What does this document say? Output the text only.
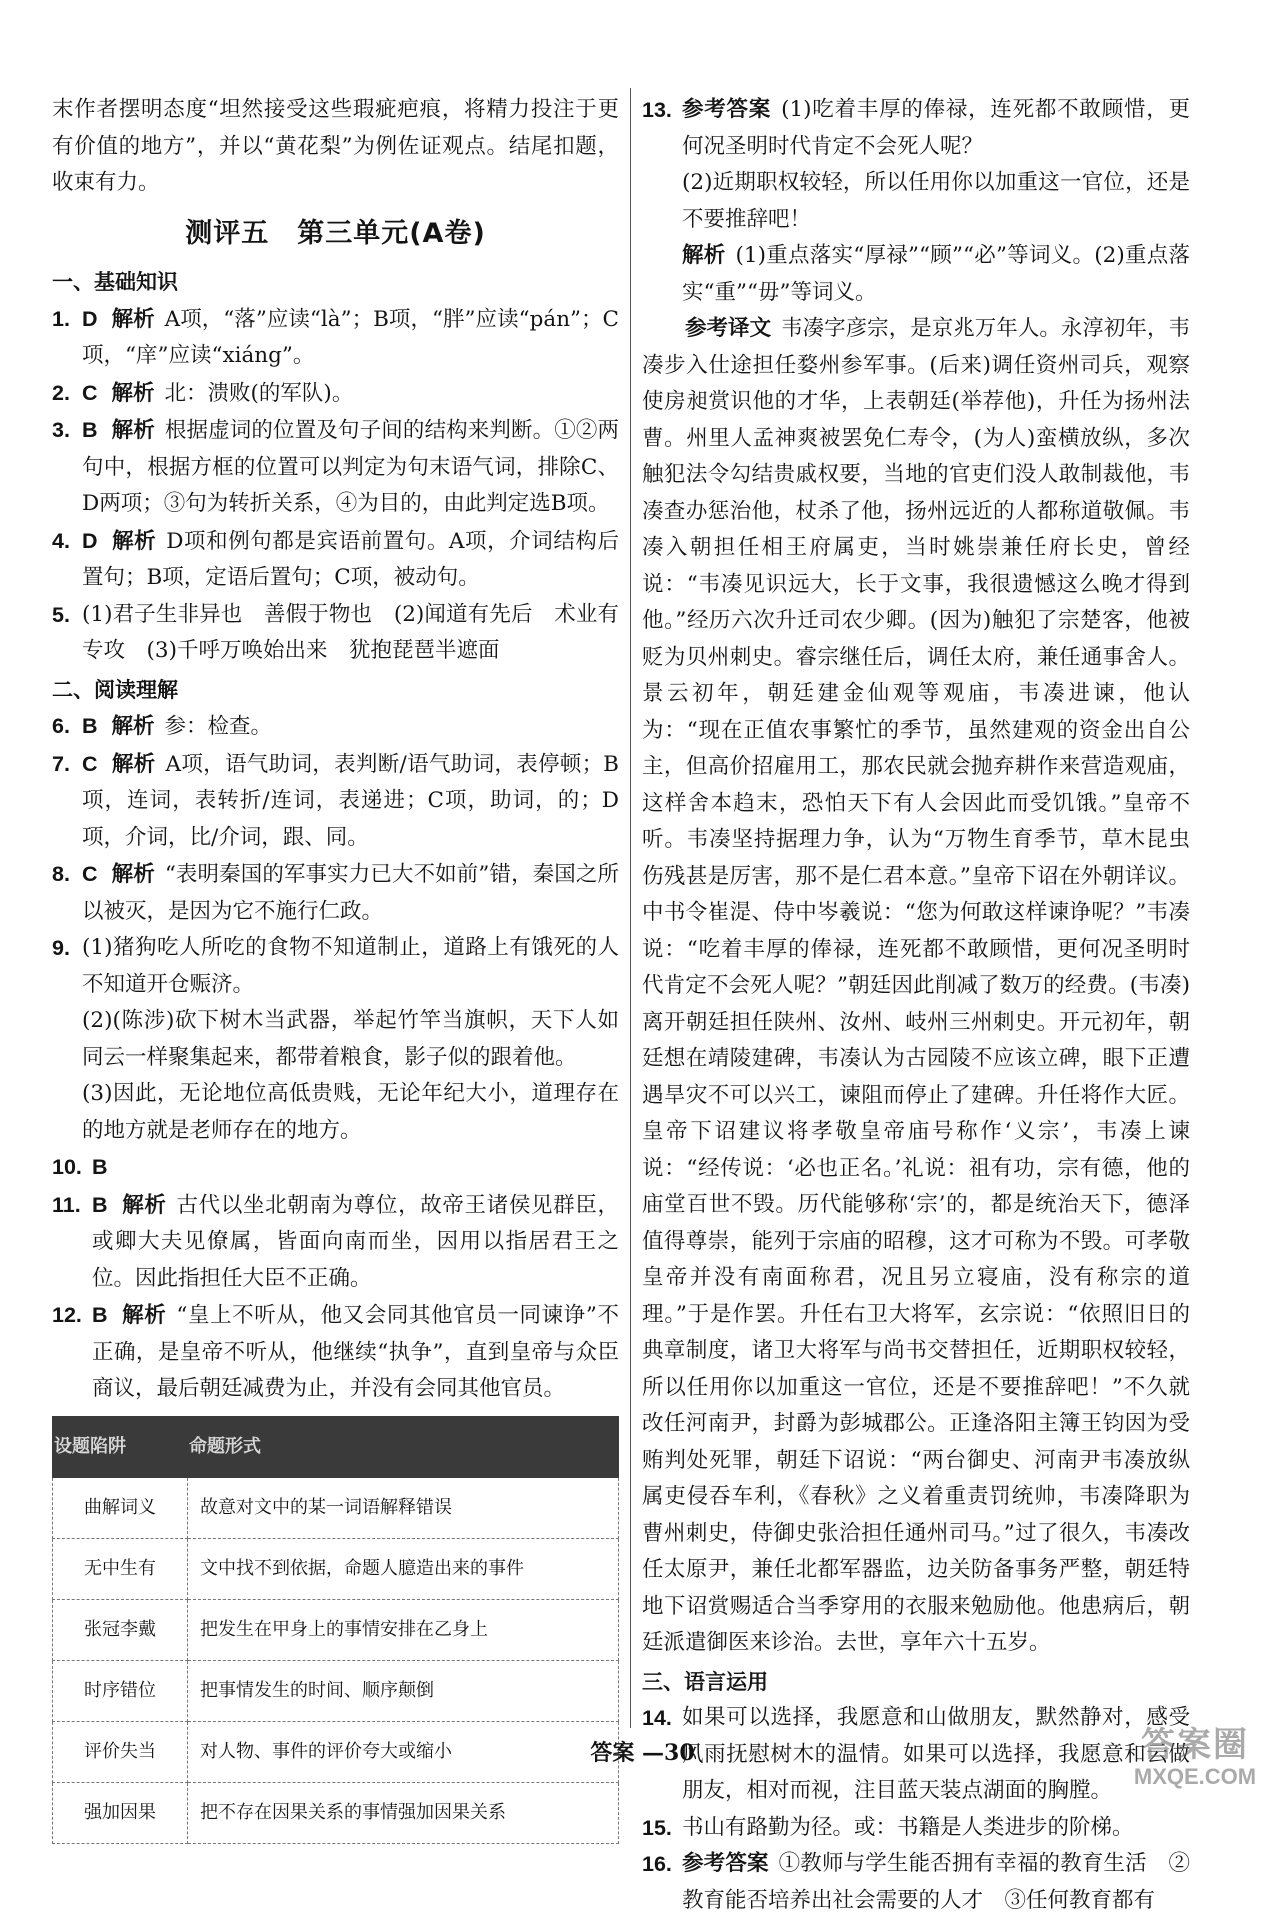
末作者摆明态度“坦然接受这些瑕疵疤痕，将精力投注于更有价值的地方”，并以“黄花梨”为例佐证观点。结尾扣题，收束有力。

测评五　第三单元(A卷)
一、基础知识
1. D 解析 A项，“落”应读“là”；B项，“胖”应读“pán”；C项，“庠”应读“xiáng”。
2. C 解析 北：溃败(的军队)。
3. B 解析 根据虚词的位置及句子间的结构来判断。①②两句中，根据方框的位置可以判定为句末语气词，排除C、D两项；③句为转折关系，④为目的，由此判定选B项。
4. D 解析 D项和例句都是宾语前置句。A项，介词结构后置句；B项，定语后置句；C项，被动句。
5. (1)君子生非异也　善假于物也　(2)闻道有先后　术业有专攻　(3)千呼万唤始出来　犹抱琵琶半遮面
二、阅读理解
6. B 解析 参：检查。
7. C 解析 A项，语气助词，表判断/语气助词，表停顿；B项，连词，表转折/连词，表递进；C项，助词，的；D项，介词，比/介词，跟、同。
8. C 解析 “表明秦国的军事实力已大不如前”错，秦国之所以被灭，是因为它不施行仁政。
9. (1)猪狗吃人所吃的食物不知道制止，道路上有饿死的人不知道开仓赈济。

(2)(陈涉)砍下树木当武器，举起竹竿当旗帜，天下人如同云一样聚集起来，都带着粮食，影子似的跟着他。

(3)因此，无论地位高低贵贱，无论年纪大小，道理存在的地方就是老师存在的地方。

10. B
11. B 解析 古代以坐北朝南为尊位，故帝王诸侯见群臣，或卿大夫见僚属，皆面向南而坐，因用以指居君王之位。因此指担任大臣不正确。
12. B 解析 “皇上不听从，他又会同其他官员一同谏诤”不正确，是皇帝不听从，他继续“执争”，直到皇帝与众臣商议，最后朝廷减费为止，并没有会同其他官员。
设题陷阱	命题形式
曲解词义	故意对文中的某一词语解释错误
无中生有	文中找不到依据，命题人臆造出来的事件
张冠李戴	把发生在甲身上的事情安排在乙身上
时序错位	把事情发生的时间、顺序颠倒
评价失当	对人物、事件的评价夸大或缩小
强加因果	把不存在因果关系的事情强加因果关系
13. 参考答案 (1)吃着丰厚的俸禄，连死都不敢顾惜，更何况圣明时代肯定不会死人呢？

(2)近期职权较轻，所以任用你以加重这一官位，还是不要推辞吧！

解析 (1)重点落实“厚禄”“顾”“必”等词义。(2)重点落实“重”“毋”等词义。

参考译文 韦凑字彦宗，是京兆万年人。永淳初年，韦凑步入仕途担任婺州参军事。(后来)调任资州司兵，观察使房昶赏识他的才华，上表朝廷(举荐他)，升任为扬州法曹。州里人孟神爽被罢免仁寿令，(为人)蛮横放纵，多次触犯法令勾结贵戚权要，当地的官吏们没人敢制裁他，韦凑查办惩治他，杖杀了他，扬州远近的人都称道敬佩。韦凑入朝担任相王府属吏，当时姚崇兼任府长史，曾经说：“韦凑见识远大，长于文事，我很遗憾这么晚才得到他。”经历六次升迁司农少卿。(因为)触犯了宗楚客，他被贬为贝州刺史。睿宗继任后，调任太府，兼任通事舍人。景云初年，朝廷建金仙观等观庙，韦凑进谏，他认为：“现在正值农事繁忙的季节，虽然建观的资金出自公主，但高价招雇用工，那农民就会抛弃耕作来营造观庙，这样舍本趋末，恐怕天下有人会因此而受饥饿。”皇帝不听。韦凑坚持据理力争，认为“万物生育季节，草木昆虫伤残甚是厉害，那不是仁君本意。”皇帝下诏在外朝详议。中书令崔湜、侍中岑羲说：“您为何敢这样谏诤呢？”韦凑说：“吃着丰厚的俸禄，连死都不敢顾惜，更何况圣明时代肯定不会死人呢？”朝廷因此削减了数万的经费。(韦凑)离开朝廷担任陕州、汝州、岐州三州刺史。开元初年，朝廷想在靖陵建碑，韦凑认为古园陵不应该立碑，眼下正遭遇旱灾不可以兴工，谏阻而停止了建碑。升任将作大匠。皇帝下诏建议将孝敬皇帝庙号称作‘义宗’，韦凑上谏说：“经传说：‘必也正名。’礼说：祖有功，宗有德，他的庙堂百世不毁。历代能够称‘宗’的，都是统治天下，德泽值得尊崇，能列于宗庙的昭穆，这才可称为不毁。可孝敬皇帝并没有南面称君，况且另立寝庙，没有称宗的道理。”于是作罢。升任右卫大将军，玄宗说：“依照旧日的典章制度，诸卫大将军与尚书交替担任，近期职权较轻，所以任用你以加重这一官位，还是不要推辞吧！”不久就改任河南尹，封爵为彭城郡公。正逢洛阳主簿王钧因为受贿判处死罪，朝廷下诏说：“两台御史、河南尹韦凑放纵属吏侵吞车利，《春秋》之义着重责罚统帅，韦凑降职为曹州刺史，侍御史张洽担任通州司马。”过了很久，韦凑改任太原尹，兼任北都军器监，边关防备事务严整，朝廷特地下诏赏赐适合当季穿用的衣服来勉励他。他患病后，朝廷派遣御医来诊治。去世，享年六十五岁。

三、语言运用
14. 如果可以选择，我愿意和山做朋友，默然静对，感受风雨抚慰树木的温情。如果可以选择，我愿意和云做朋友，相对而视，注目蓝天装点湖面的胸膛。
15. 书山有路勤为径。或：书籍是人类进步的阶梯。
16. 参考答案 ①教师与学生能否拥有幸福的教育生活　②教育能否培养出社会需要的人才　③任何教育都有
答案 —30	答案圈
MXQE.COM
